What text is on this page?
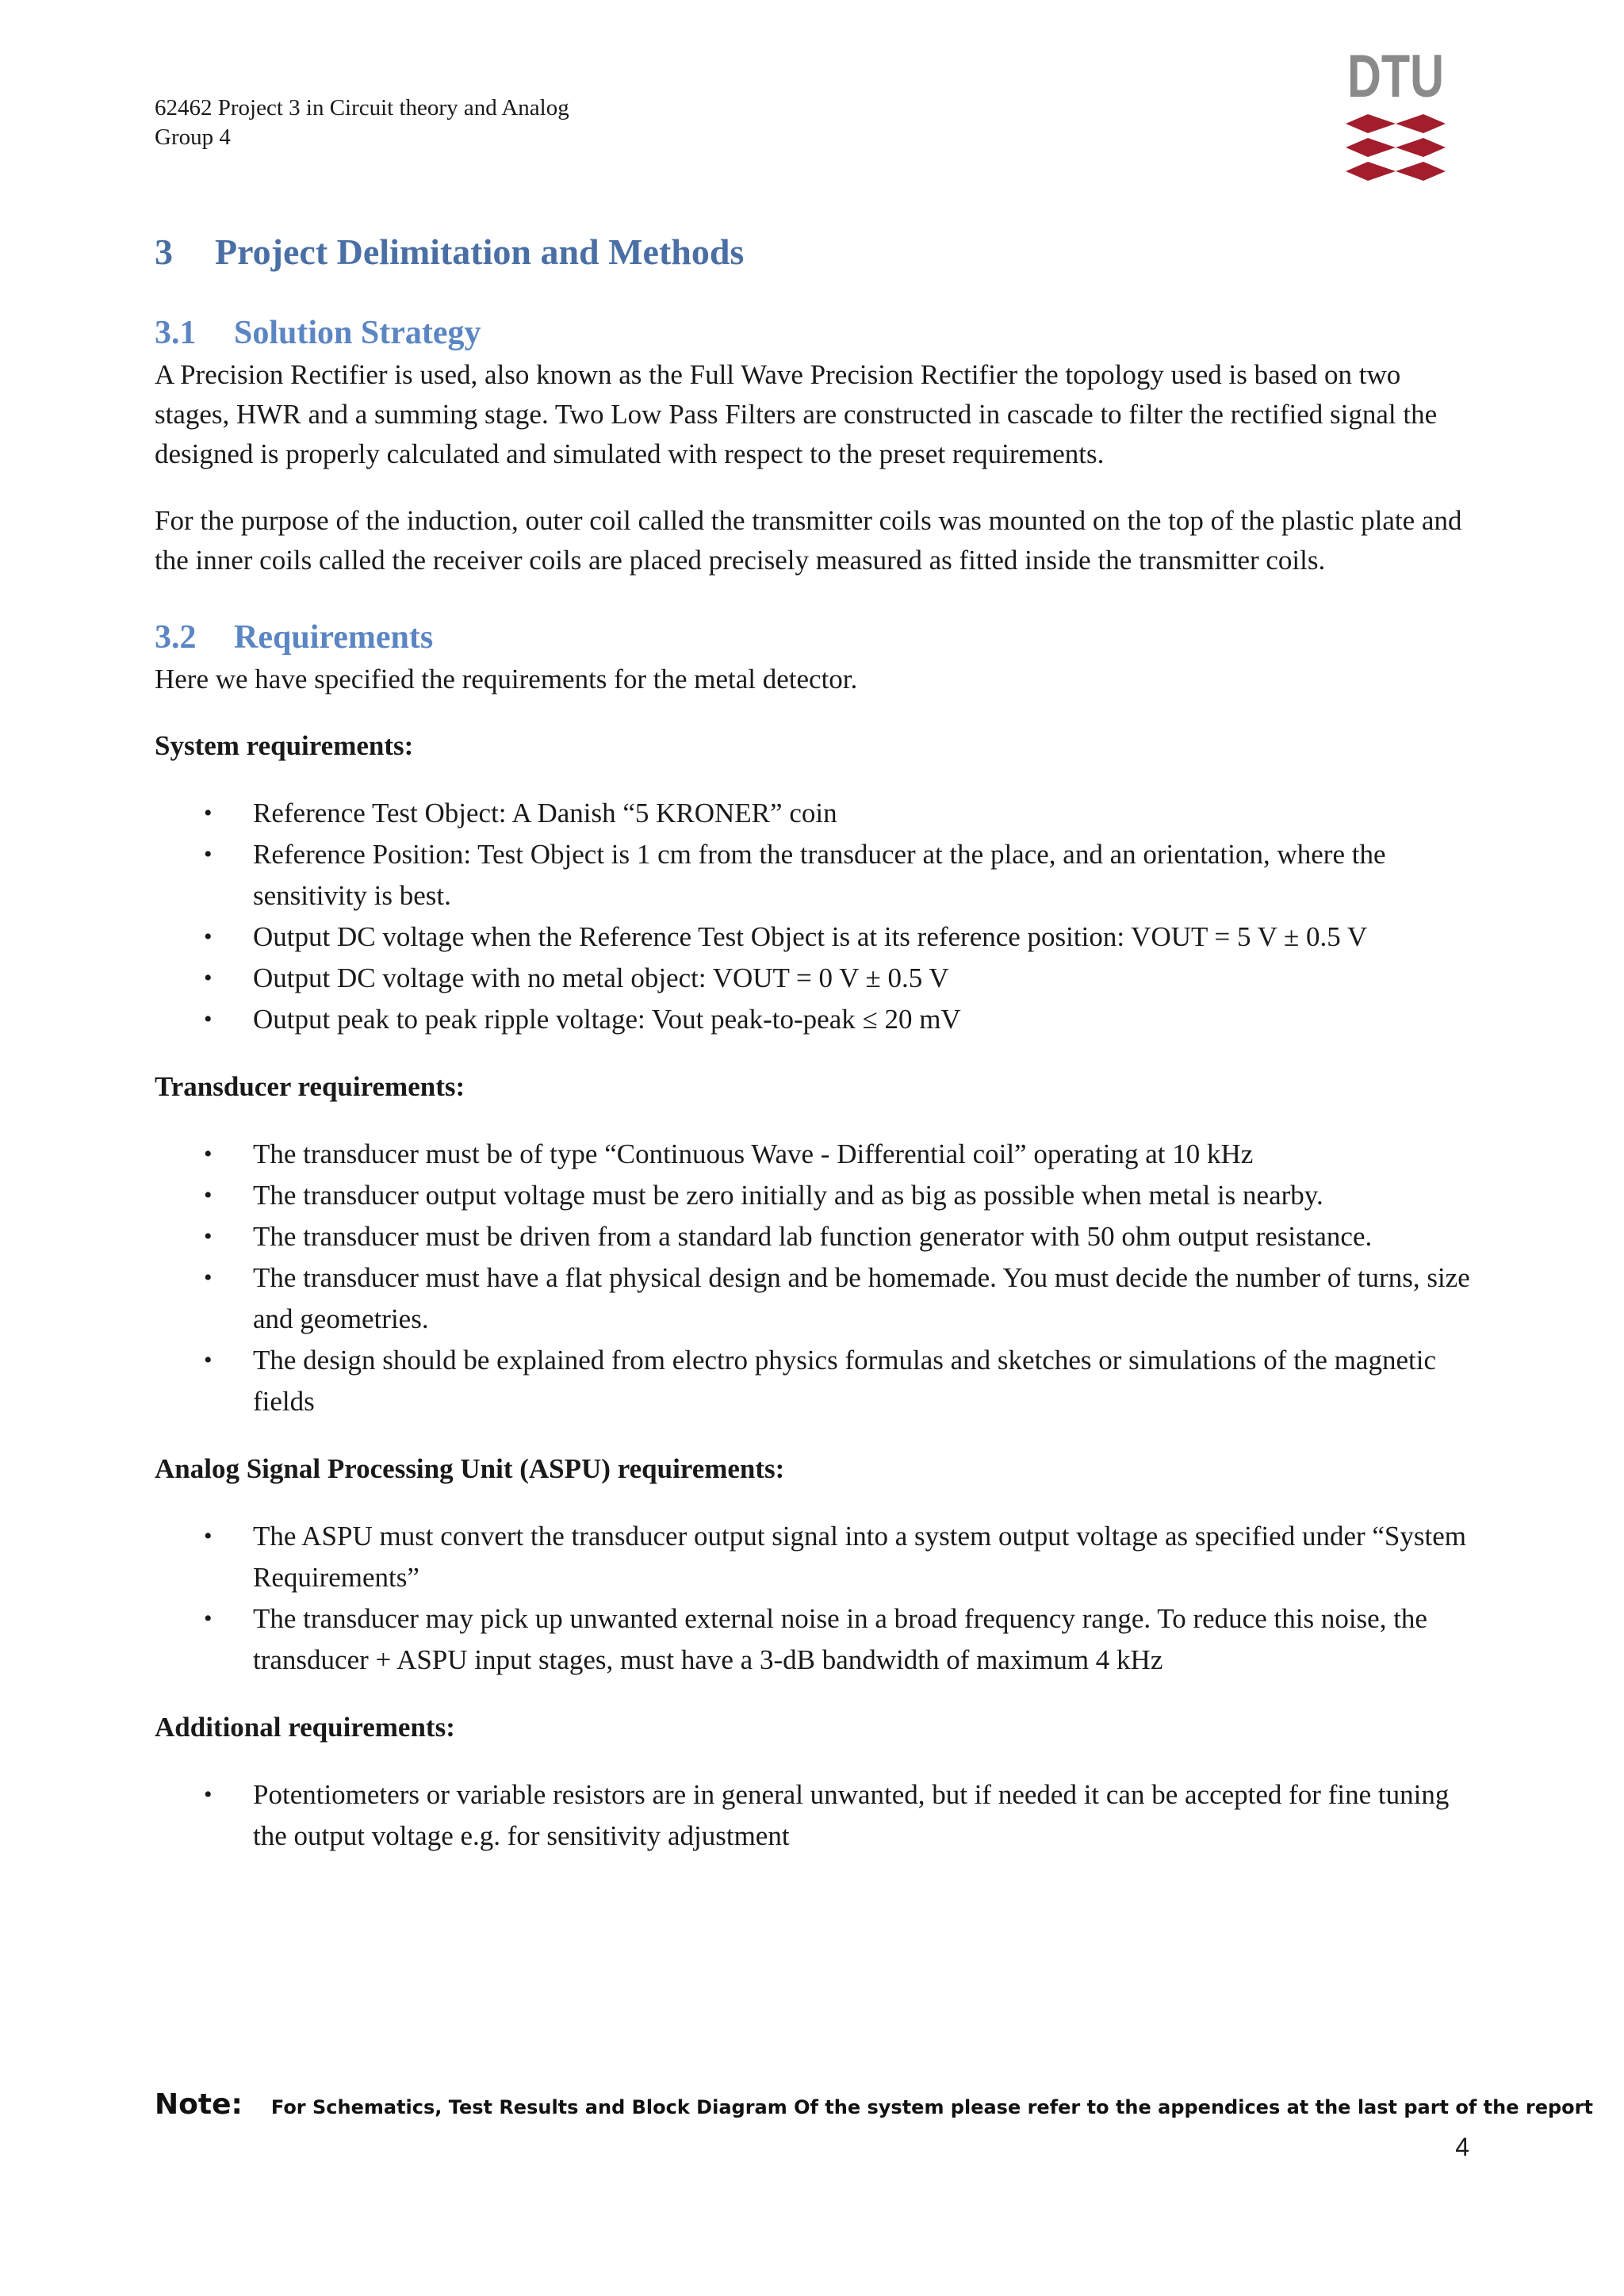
62462 Project 3 in Circuit theory and Analog
Group 4
DTU
3 Project Delimitation and Methods
3.1 Solution Strategy

A Precision Rectifier is used, also known as the Full Wave Precision Rectifier the topology used is based on two stages, HWR and a summing stage. Two Low Pass Filters are constructed in cascade to filter the rectified signal the designed is properly calculated and simulated with respect to the preset requirements.

For the purpose of the induction, outer coil called the transmitter coils was mounted on the top of the plastic plate and the inner coils called the receiver coils are placed precisely measured as fitted inside the transmitter coils.

3.2 Requirements

Here we have specified the requirements for the metal detector.

System requirements:
• Reference Test Object: A Danish “5 KRONER” coin
• Reference Position: Test Object is 1 cm from the transducer at the place, and an orientation, where the sensitivity is best.
• Output DC voltage when the Reference Test Object is at its reference position: VOUT = 5 V ± 0.5 V
• Output DC voltage with no metal object: VOUT = 0 V ± 0.5 V
• Output peak to peak ripple voltage: Vout peak-to-peak ≤ 20 mV
Transducer requirements:
• The transducer must be of type “Continuous Wave - Differential coil” operating at 10 kHz
• The transducer output voltage must be zero initially and as big as possible when metal is nearby.
• The transducer must be driven from a standard lab function generator with 50 ohm output resistance.
• The transducer must have a flat physical design and be homemade. You must decide the number of turns, size and geometries.
• The design should be explained from electro physics formulas and sketches or simulations of the magnetic fields
Analog Signal Processing Unit (ASPU) requirements:
• The ASPU must convert the transducer output signal into a system output voltage as specified under “System Requirements”
• The transducer may pick up unwanted external noise in a broad frequency range. To reduce this noise, the transducer + ASPU input stages, must have a 3-dB bandwidth of maximum 4 kHz
Additional requirements:
• Potentiometers or variable resistors are in general unwanted, but if needed it can be accepted for fine tuning the output voltage e.g. for sensitivity adjustment
Note: For Schematics, Test Results and Block Diagram Of the system please refer to the appendices at the last part of the report
4
